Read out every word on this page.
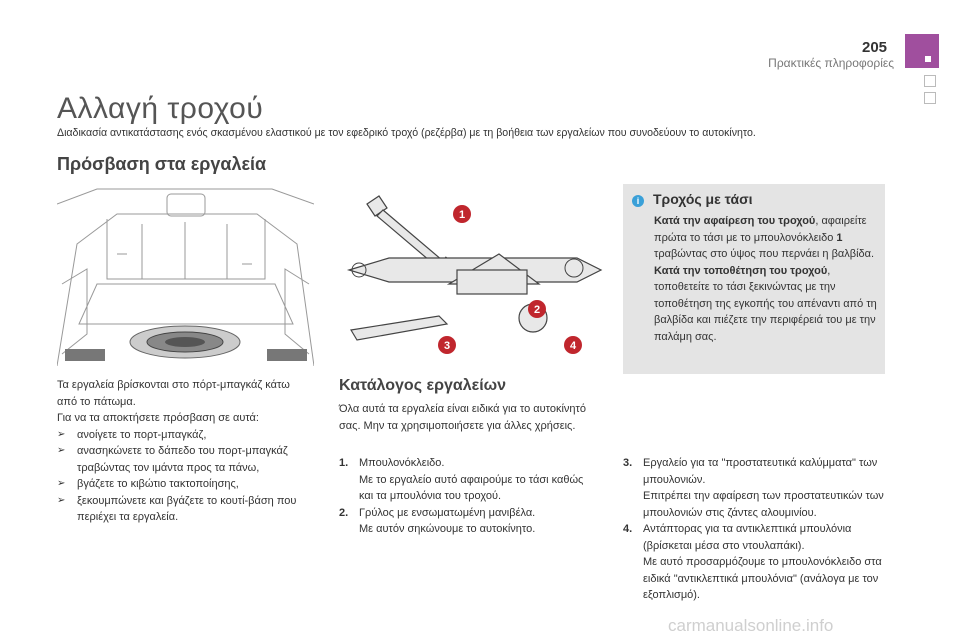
205
Πρακτικές πληροφορίες
Αλλαγή τροχού
Διαδικασία αντικατάστασης ενός σκασμένου ελαστικού με τον εφεδρικό τροχό (ρεζέρβα) με τη βοήθεια των εργαλείων που συνοδεύουν το αυτοκίνητο.
Πρόσβαση στα εργαλεία
1
2
3	4
i Τροχός με τάσι
Κατά την αφαίρεση του τροχού, αφαιρείτε πρώτα το τάσι με το μπουλονόκλειδο 1 τραβώντας στο ύψος που περνάει η βαλβίδα.
Κατά την τοποθέτηση του τροχού, τοποθετείτε το τάσι ξεκινώντας με την τοποθέτηση της εγκοπής του απέναντι από τη βαλβίδα και πιέζετε την περιφέρειά του με την παλάμη σας.
Τα εργαλεία βρίσκονται στο πόρτ-μπαγκάζ κάτω από το πάτωμα.
Για να τα αποκτήσετε πρόσβαση σε αυτά:
➢	ανοίγετε το πορτ-μπαγκάζ,
➢	ανασηκώνετε το δάπεδο του πορτ-μπαγκάζ τραβώντας τον ιμάντα προς τα πάνω,
➢	βγάζετε το κιβώτιο τακτοποίησης,
➢	ξεκουμπώνετε και βγάζετε το κουτί-βάση που περιέχει τα εργαλεία.
Κατάλογος εργαλείων
Όλα αυτά τα εργαλεία είναι ειδικά για το αυτοκίνητό σας. Μην τα χρησιμοποιήσετε για άλλες χρήσεις.
1. Μπουλονόκλειδο.
Με το εργαλείο αυτό αφαιρούμε το τάσι καθώς και τα μπουλόνια του τροχού.
2. Γρύλος με ενσωματωμένη μανιβέλα.
Με αυτόν σηκώνουμε το αυτοκίνητο.
3. Εργαλείο για τα "προστατευτικά καλύμματα" των μπουλονιών.
Επιτρέπει την αφαίρεση των προστατευτικών των μπουλονιών στις ζάντες αλουμινίου.
4. Αντάπτορας για τα αντικλεπτικά μπουλόνια (βρίσκεται μέσα στο ντουλαπάκι).
Με αυτό προσαρμόζουμε το μπουλονόκλειδο στα ειδικά "αντικλεπτικά μπουλόνια" (ανάλογα με τον εξοπλισμό).
carmanualsonline.info
